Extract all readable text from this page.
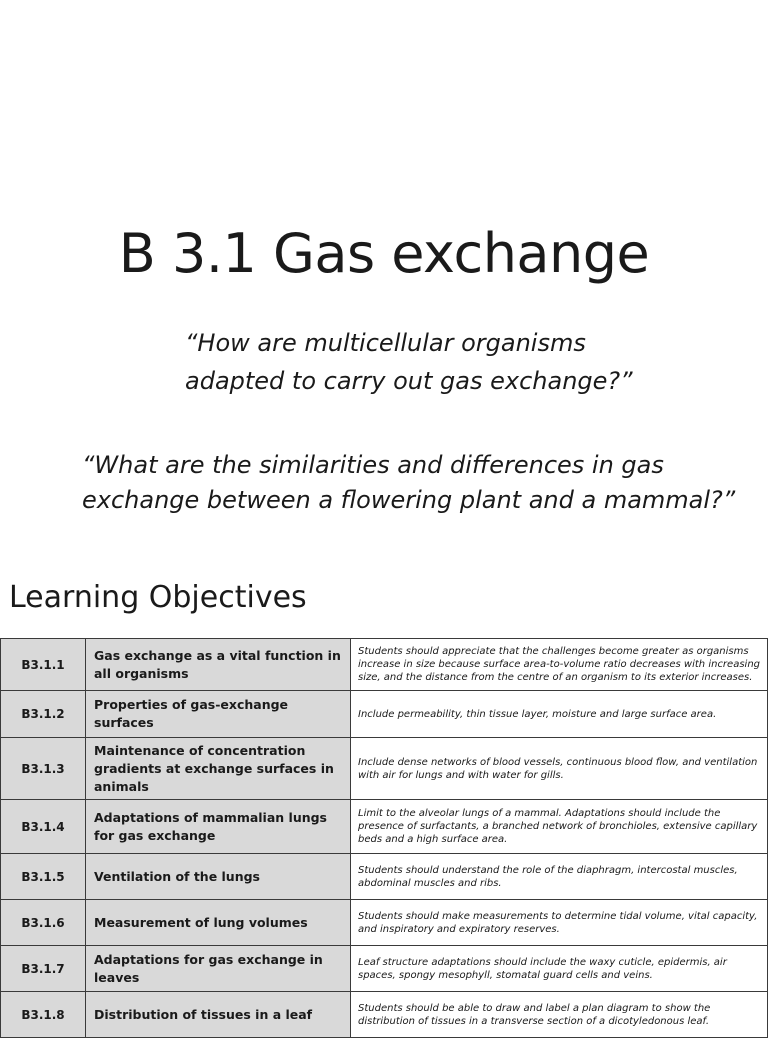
B 3.1 Gas exchange
“How are multicellular organisms
adapted to carry out gas exchange?”
“What are the similarities and differences in gas
exchange between a flowering plant and a mammal?”
Learning Objectives
B3.1.1	Gas exchange as a vital function in all organisms	Students should appreciate that the challenges become greater as organisms increase in size because surface area-to-volume ratio decreases with increasing size, and the distance from the centre of an organism to its exterior increases.
B3.1.2	Properties of gas-exchange surfaces	Include permeability, thin tissue layer, moisture and large surface area.
B3.1.3	Maintenance of concentration gradients at exchange surfaces in animals	Include dense networks of blood vessels, continuous blood flow, and ventilation with air for lungs and with water for gills.
B3.1.4	Adaptations of mammalian lungs for gas exchange	Limit to the alveolar lungs of a mammal. Adaptations should include the presence of surfactants, a branched network of bronchioles, extensive capillary beds and a high surface area.
B3.1.5	Ventilation of the lungs	Students should understand the role of the diaphragm, intercostal muscles, abdominal muscles and ribs.
B3.1.6	Measurement of lung volumes	Students should make measurements to determine tidal volume, vital capacity, and inspiratory and expiratory reserves.
B3.1.7	Adaptations for gas exchange in leaves	Leaf structure adaptations should include the waxy cuticle, epidermis, air spaces, spongy mesophyll, stomatal guard cells and veins.
B3.1.8	Distribution of tissues in a leaf	Students should be able to draw and label a plan diagram to show the distribution of tissues in a transverse section of a dicotyledonous leaf.
